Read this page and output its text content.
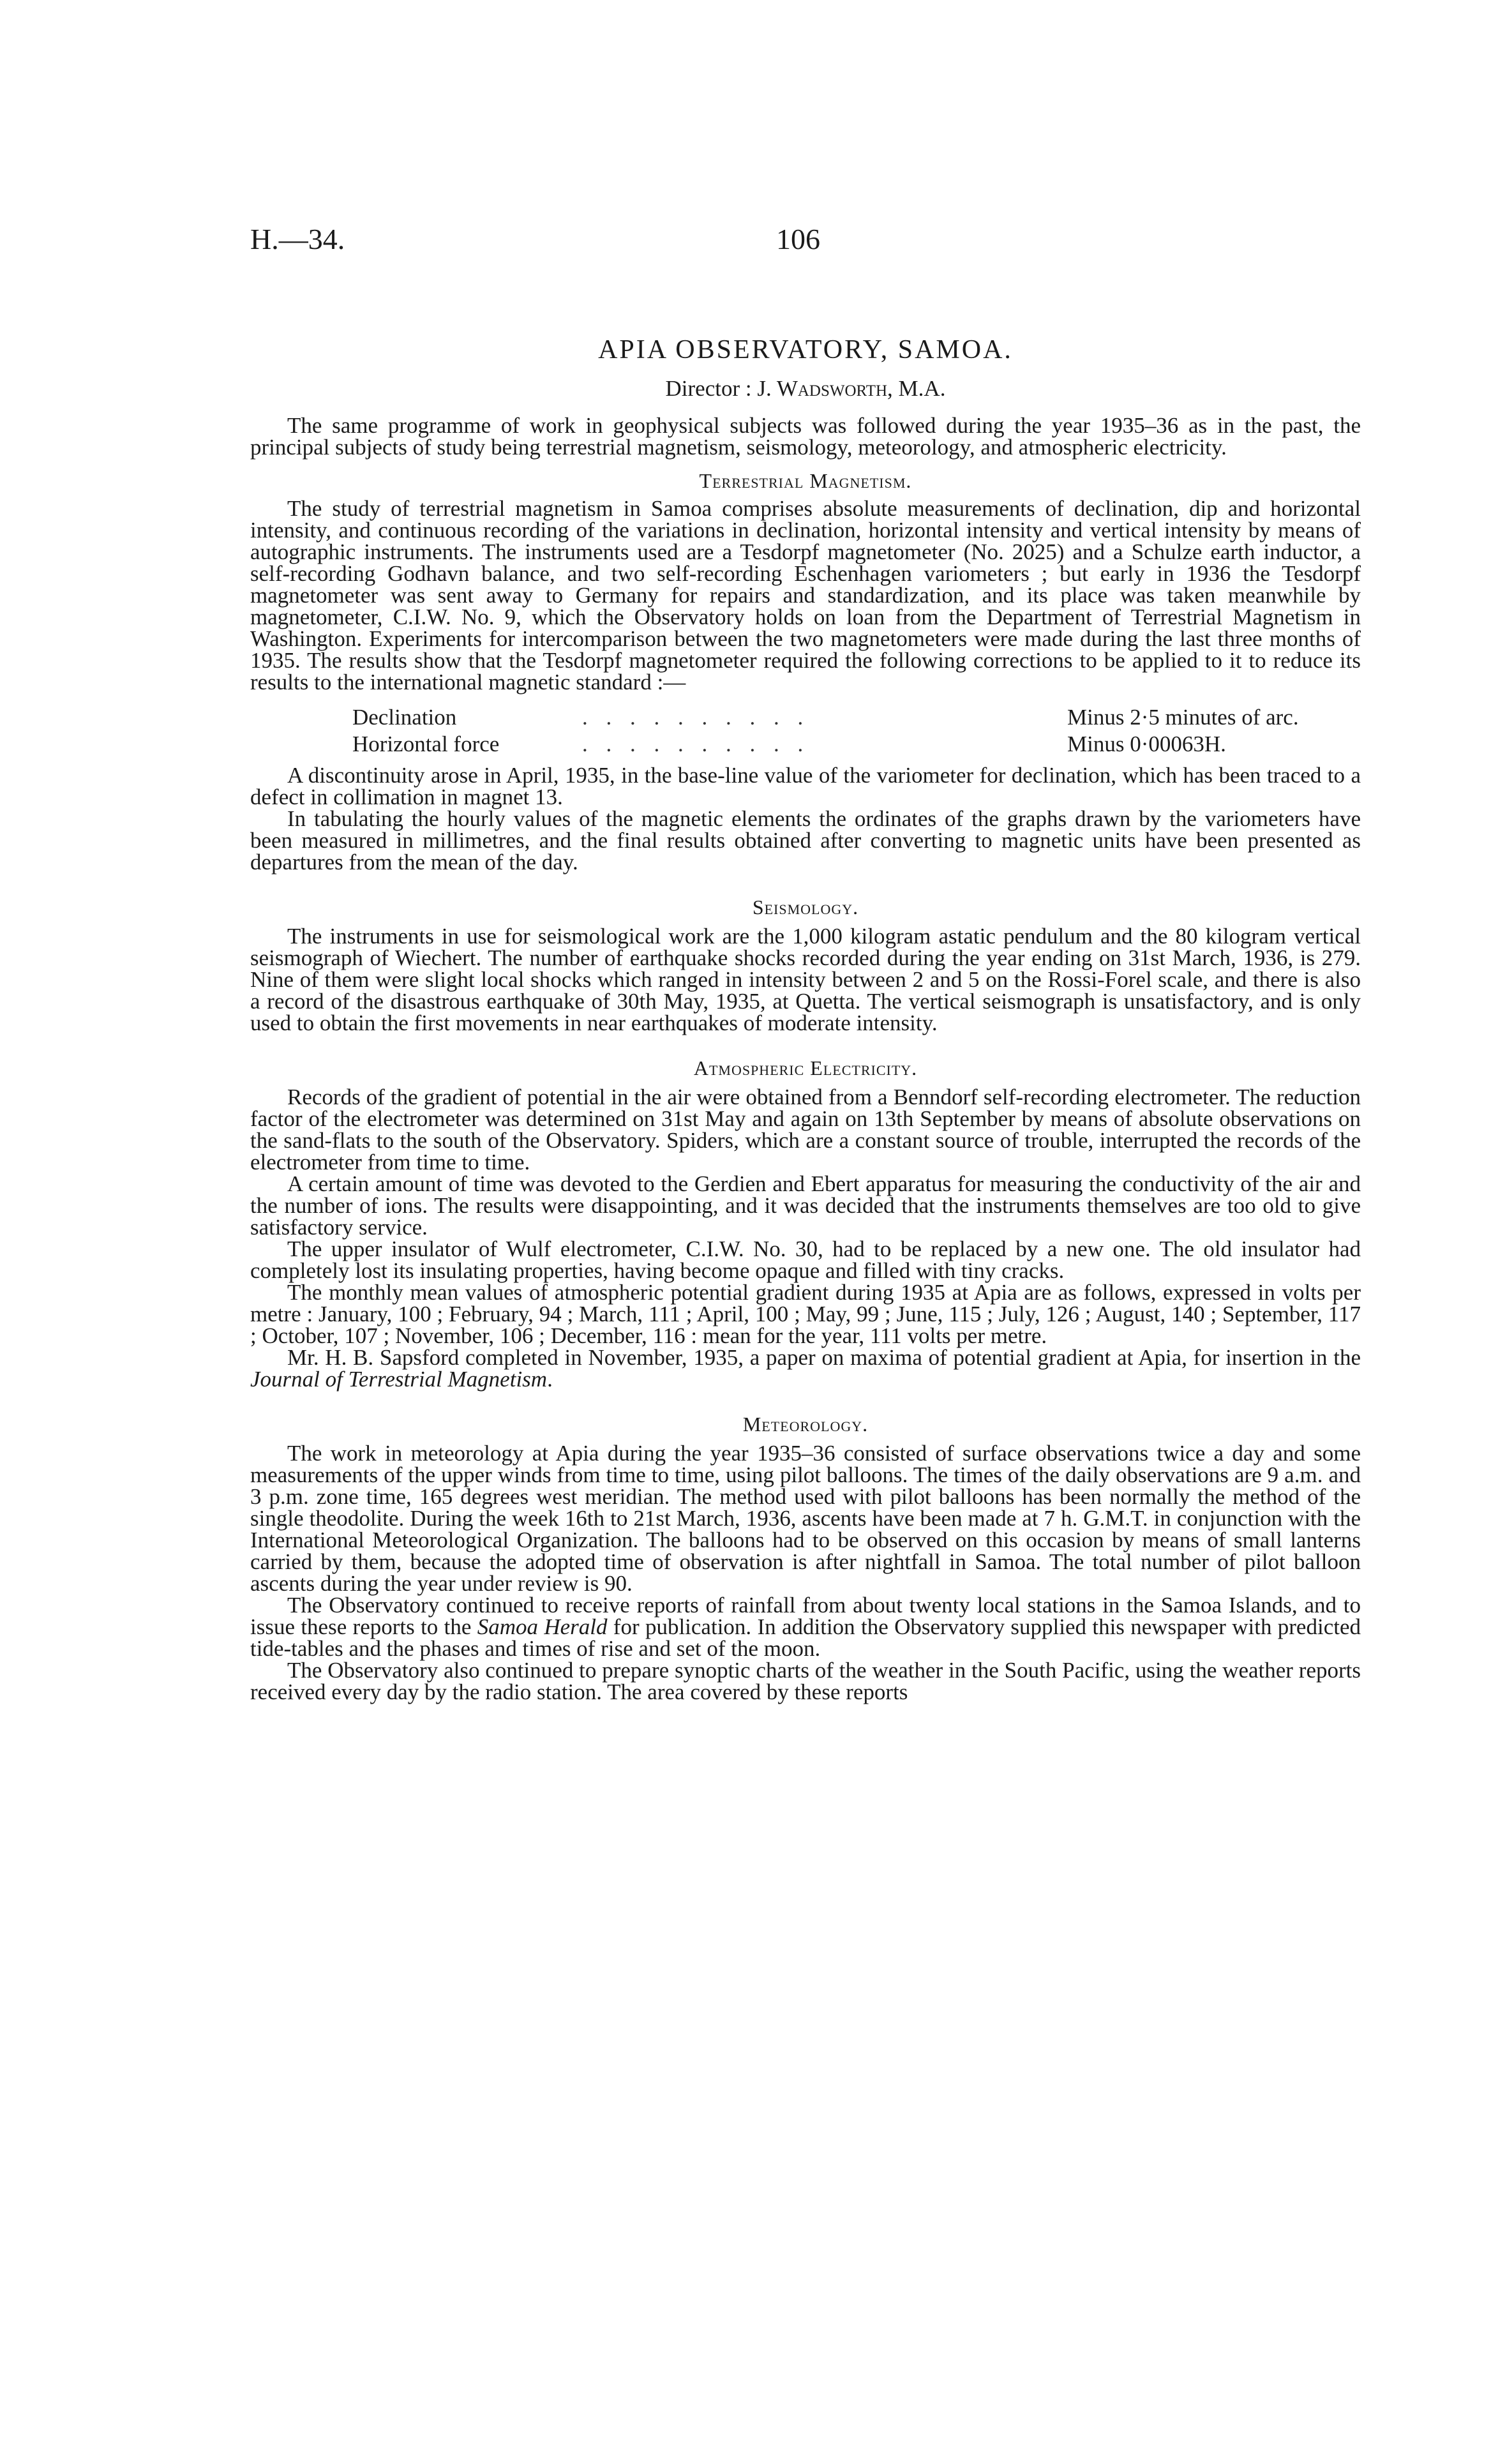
H.—34.	106
APIA OBSERVATORY, SAMOA.

Director : J. Wadsworth, M.A.

The same programme of work in geophysical subjects was followed during the year 1935–36 as in the past, the principal subjects of study being terrestrial magnetism, seismology, meteorology, and atmospheric electricity.

Terrestrial Magnetism.

The study of terrestrial magnetism in Samoa comprises absolute measurements of declination, dip and horizontal intensity, and continuous recording of the variations in declination, horizontal intensity and vertical intensity by means of autographic instruments. The instruments used are a Tesdorpf magnetometer (No. 2025) and a Schulze earth inductor, a self-recording Godhavn balance, and two self-recording Eschenhagen variometers ; but early in 1936 the Tesdorpf magnetometer was sent away to Germany for repairs and standardization, and its place was taken meanwhile by magnetometer, C.I.W. No. 9, which the Observatory holds on loan from the Department of Terrestrial Magnetism in Washington. Experiments for intercomparison between the two magnetometers were made during the last three months of 1935. The results show that the Tesdorpf magnetometer required the following corrections to be applied to it to reduce its results to the international magnetic standard :—

Declination	. . . . . . . . . .	Minus 2·5 minutes of arc.
Horizontal force	. . . . . . . . . .	Minus 0·00063H.

A discontinuity arose in April, 1935, in the base-line value of the variometer for declination, which has been traced to a defect in collimation in magnet 13.

In tabulating the hourly values of the magnetic elements the ordinates of the graphs drawn by the variometers have been measured in millimetres, and the final results obtained after converting to magnetic units have been presented as departures from the mean of the day.

Seismology.

The instruments in use for seismological work are the 1,000 kilogram astatic pendulum and the 80 kilogram vertical seismograph of Wiechert. The number of earthquake shocks recorded during the year ending on 31st March, 1936, is 279. Nine of them were slight local shocks which ranged in intensity between 2 and 5 on the Rossi-Forel scale, and there is also a record of the disastrous earthquake of 30th May, 1935, at Quetta. The vertical seismograph is unsatisfactory, and is only used to obtain the first movements in near earthquakes of moderate intensity.

Atmospheric Electricity.

Records of the gradient of potential in the air were obtained from a Benndorf self-recording electrometer. The reduction factor of the electrometer was determined on 31st May and again on 13th September by means of absolute observations on the sand-flats to the south of the Observatory. Spiders, which are a constant source of trouble, interrupted the records of the electrometer from time to time.

A certain amount of time was devoted to the Gerdien and Ebert apparatus for measuring the conductivity of the air and the number of ions. The results were disappointing, and it was decided that the instruments themselves are too old to give satisfactory service.

The upper insulator of Wulf electrometer, C.I.W. No. 30, had to be replaced by a new one. The old insulator had completely lost its insulating properties, having become opaque and filled with tiny cracks.

The monthly mean values of atmospheric potential gradient during 1935 at Apia are as follows, expressed in volts per metre : January, 100 ; February, 94 ; March, 111 ; April, 100 ; May, 99 ; June, 115 ; July, 126 ; August, 140 ; September, 117 ; October, 107 ; November, 106 ; December, 116 : mean for the year, 111 volts per metre.

Mr. H. B. Sapsford completed in November, 1935, a paper on maxima of potential gradient at Apia, for insertion in the Journal of Terrestrial Magnetism.

Meteorology.

The work in meteorology at Apia during the year 1935–36 consisted of surface observations twice a day and some measurements of the upper winds from time to time, using pilot balloons. The times of the daily observations are 9 a.m. and 3 p.m. zone time, 165 degrees west meridian. The method used with pilot balloons has been normally the method of the single theodolite. During the week 16th to 21st March, 1936, ascents have been made at 7 h. G.M.T. in conjunction with the International Meteorological Organization. The balloons had to be observed on this occasion by means of small lanterns carried by them, because the adopted time of observation is after nightfall in Samoa. The total number of pilot balloon ascents during the year under review is 90.

The Observatory continued to receive reports of rainfall from about twenty local stations in the Samoa Islands, and to issue these reports to the Samoa Herald for publication. In addition the Observatory supplied this newspaper with predicted tide-tables and the phases and times of rise and set of the moon.

The Observatory also continued to prepare synoptic charts of the weather in the South Pacific, using the weather reports received every day by the radio station. The area covered by these reports
